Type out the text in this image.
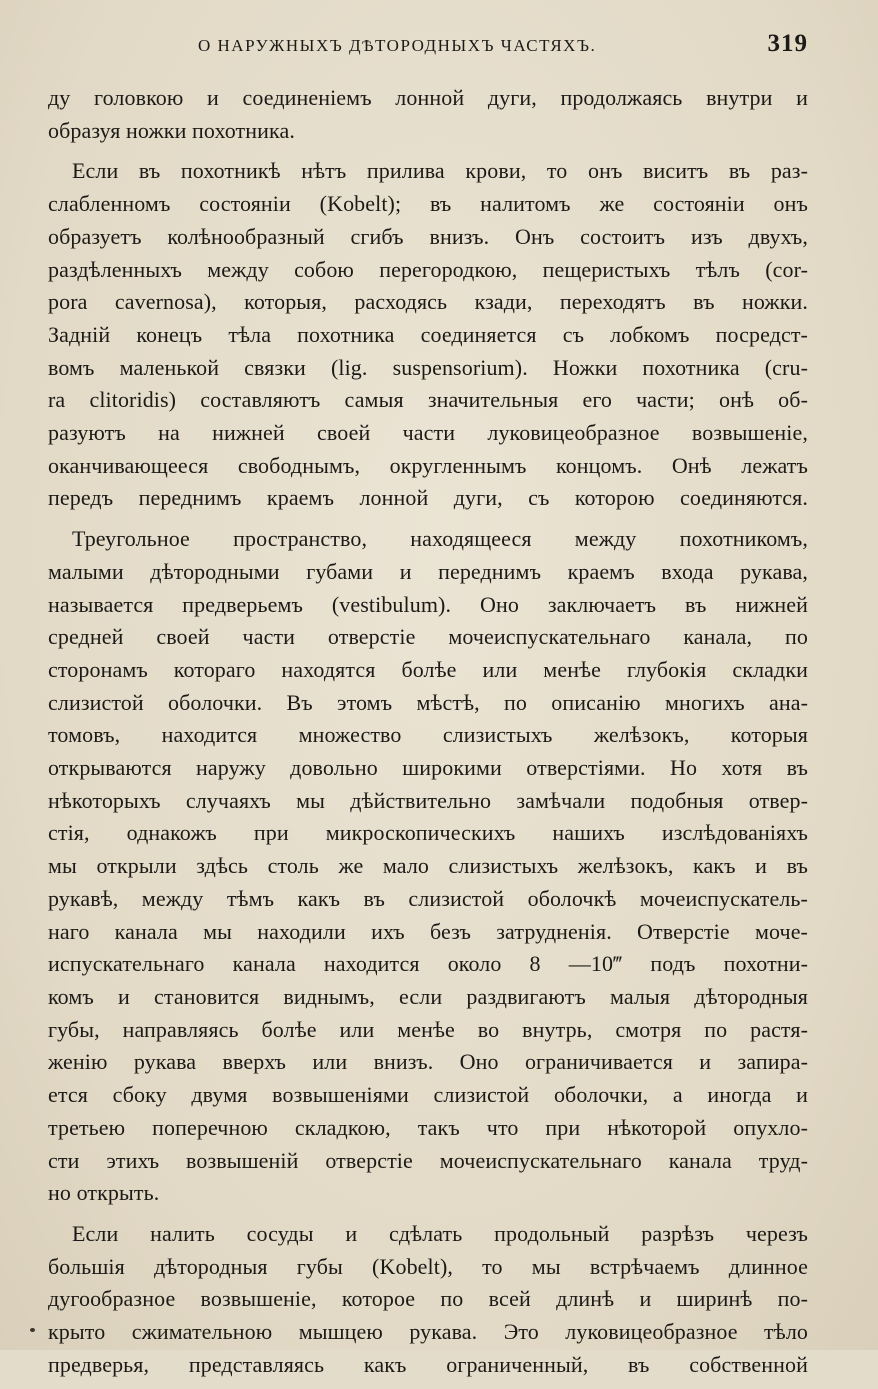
О НАРУЖНЫХЪ ДѢТОРОДНЫХЪ ЧАСТЯХЪ.	319
ду головкою и соединенiемъ лонной дуги, продолжаясь внутри и
образуя ножки похотника.
Если въ похотникѣ нѣтъ прилива крови, то онъ виситъ въ раз-
слабленномъ состоянiи (Kobelt); въ налитомъ же состоянiи онъ
образуетъ колѣнообразный сгибъ внизъ. Онъ состоитъ изъ двухъ,
раздѣленныхъ между собою перегородкою, пещеристыхъ тѣлъ (cor-
pora cavernosa), которыя, расходясь кзади, переходятъ въ ножки.
Заднiй конецъ тѣла похотника соединяется съ лобкомъ посредст-
вомъ маленькой связки (lig. suspensorium). Ножки похотника (cru-
ra clitoridis) составляютъ самыя значительныя его части; онѣ об-
разуютъ на нижней своей части луковицеобразное возвышенiе,
оканчивающееся свободнымъ, округленнымъ концомъ. Онѣ лежатъ
передъ переднимъ краемъ лонной дуги, съ которою соединяются.
Треугольное пространство, находящееся между похотникомъ,
малыми дѣтородными губами и переднимъ краемъ входа рукава,
называется предверьемъ (vestibulum). Оно заключаетъ въ нижней
средней своей части отверстiе мочеиспускательнаго канала, по
сторонамъ котораго находятся болѣе или менѣе глубокiя складки
слизистой оболочки. Въ этомъ мѣстѣ, по описанiю многихъ ана-
томовъ, находится множество слизистыхъ желѣзокъ, которыя
открываются наружу довольно широкими отверстiями. Но хотя въ
нѣкоторыхъ случаяхъ мы дѣйствительно замѣчали подобныя отвер-
стiя, однакожъ при микроскопическихъ нашихъ изслѣдованiяхъ
мы открыли здѣсь столь же мало слизистыхъ желѣзокъ, какъ и въ
рукавѣ, между тѣмъ какъ въ слизистой оболочкѣ мочеиспускатель-
наго канала мы находили ихъ безъ затрудненiя. Отверстiе моче-
испускательнаго канала находится около 8 —10‴ подъ похотни-
комъ и становится виднымъ, если раздвигаютъ малыя дѣтородныя
губы, направляясь болѣе или менѣе во внутрь, смотря по растя-
женiю рукава вверхъ или внизъ. Оно ограничивается и запира-
ется сбоку двумя возвышенiями слизистой оболочки, а иногда и
третьею поперечною складкою, такъ что при нѣкоторой опухло-
сти этихъ возвышенiй отверстiе мочеиспускательнаго канала труд-
но открыть.
Если налить сосуды и сдѣлать продольный разрѣзъ черезъ
большiя дѣтородныя губы (Kobelt), то мы встрѣчаемъ длинное
дугообразное возвышенiе, которое по всей длинѣ и ширинѣ по-
крыто сжимательною мышцею рукава. Это луковицеобразное тѣло
предверья, представляясь какъ ограниченный, въ собственной
